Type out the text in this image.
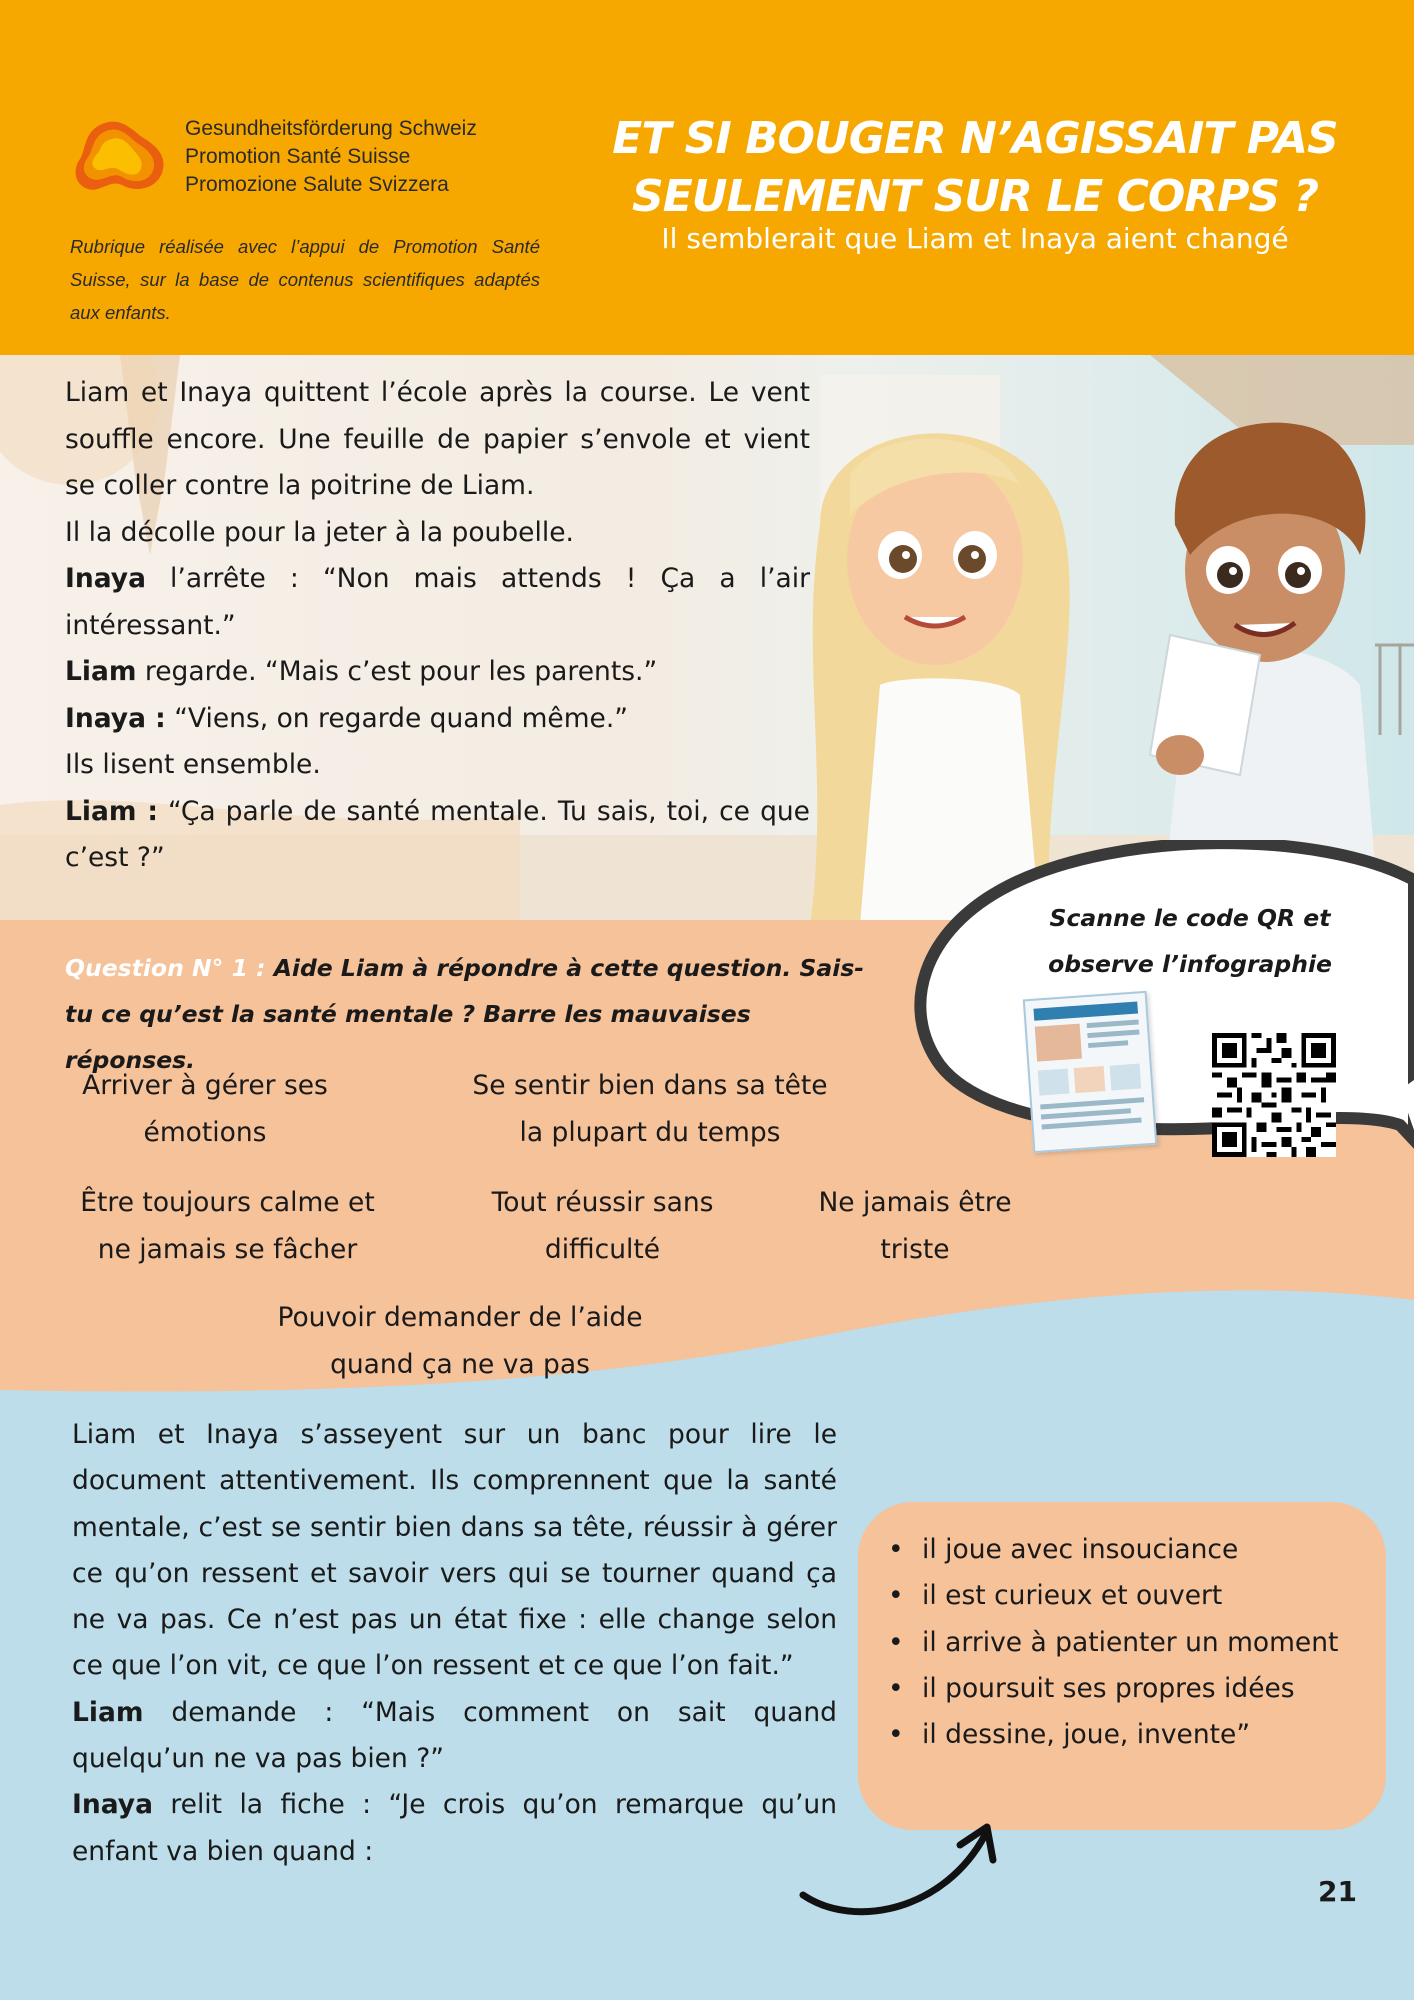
Gesundheitsförderung Schweiz
Promotion Santé Suisse
Promozione Salute Svizzera
Rubrique réalisée avec l’appui de Promotion Santé Suisse, sur la base de contenus scientifiques adaptés aux enfants.
ET SI BOUGER N’AGISSAIT PAS
SEULEMENT SUR LE CORPS ?

Il semblerait que Liam et Inaya aient changé

Liam et Inaya quittent l’école après la course. Le vent souffle encore. Une feuille de papier s’envole et vient se coller contre la poitrine de Liam.

Il la décolle pour la jeter à la poubelle.

Inaya l’arrête : “Non mais attends ! Ça a l’air intéressant.”

Liam regarde. “Mais c’est pour les parents.”

Inaya : “Viens, on regarde quand même.”

Ils lisent ensemble.

Liam : “Ça parle de santé mentale. Tu sais, toi, ce que c’est ?”

Scanne le code QR et
observe l’infographie
Question N° 1 : Aide Liam à répondre à cette question. Sais-tu ce qu’est la santé mentale ? Barre les mauvaises réponses.
Arriver à gérer ses
émotions
Se sentir bien dans sa tête
la plupart du temps
Être toujours calme et
ne jamais se fâcher
Tout réussir sans
difficulté
Ne jamais être
triste
Pouvoir demander de l’aide
quand ça ne va pas

Liam et Inaya s’asseyent sur un banc pour lire le document attentivement. Ils comprennent que la santé mentale, c’est se sentir bien dans sa tête, réussir à gérer ce qu’on ressent et savoir vers qui se tourner quand ça ne va pas. Ce n’est pas un état fixe : elle change selon ce que l’on vit, ce que l’on ressent et ce que l’on fait.”

Liam demande : “Mais comment on sait quand quelqu’un ne va pas bien ?”

Inaya relit la fiche : “Je crois qu’on remarque qu’un enfant va bien quand :

• il joue avec insouciance
• il est curieux et ouvert
• il arrive à patienter un moment
• il poursuit ses propres idées
• il dessine, joue, invente”
21
